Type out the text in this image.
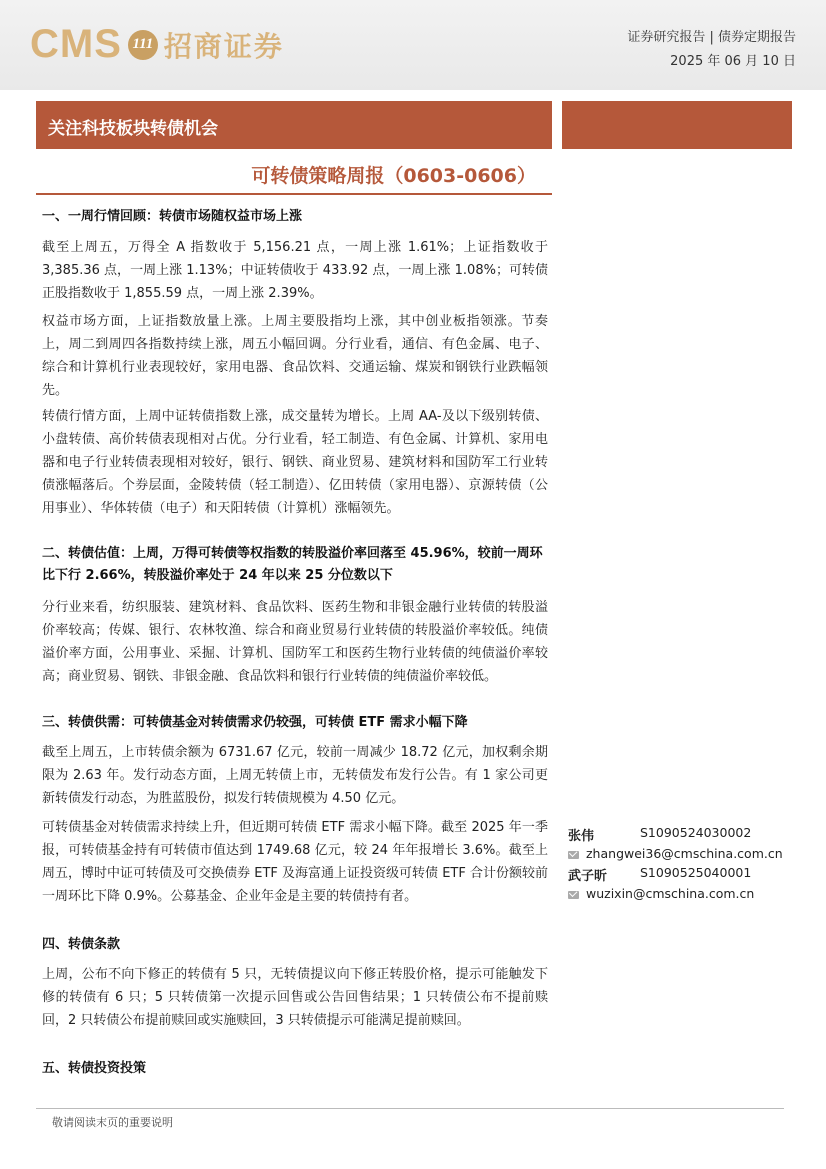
CMS 111 招商证券	证券研究报告 | 债券定期报告
2025 年 06 月 10 日
关注科技板块转债机会
可转债策略周报（0603-0606）
一、一周行情回顾：转债市场随权益市场上涨
截至上周五，万得全 A 指数收于 5,156.21 点，一周上涨 1.61%；上证指数收于 3,385.36 点，一周上涨 1.13%；中证转债收于 433.92 点，一周上涨 1.08%；可转债正股指数收于 1,855.59 点，一周上涨 2.39%。
权益市场方面，上证指数放量上涨。上周主要股指均上涨，其中创业板指领涨。节奏上，周二到周四各指数持续上涨，周五小幅回调。分行业看，通信、有色金属、电子、综合和计算机行业表现较好，家用电器、食品饮料、交通运输、煤炭和钢铁行业跌幅领先。
转债行情方面，上周中证转债指数上涨，成交量转为增长。上周 AA-及以下级别转债、小盘转债、高价转债表现相对占优。分行业看，轻工制造、有色金属、计算机、家用电器和电子行业转债表现相对较好，银行、钢铁、商业贸易、建筑材料和国防军工行业转债涨幅落后。个券层面，金陵转债（轻工制造）、亿田转债（家用电器）、京源转债（公用事业）、华体转债（电子）和天阳转债（计算机）涨幅领先。
二、转债估值：上周，万得可转债等权指数的转股溢价率回落至 45.96%，较前一周环比下行 2.66%，转股溢价率处于 24 年以来 25 分位数以下
分行业来看，纺织服装、建筑材料、食品饮料、医药生物和非银金融行业转债的转股溢价率较高；传媒、银行、农林牧渔、综合和商业贸易行业转债的转股溢价率较低。纯债溢价率方面，公用事业、采掘、计算机、国防军工和医药生物行业转债的纯债溢价率较高；商业贸易、钢铁、非银金融、食品饮料和银行行业转债的纯债溢价率较低。
三、转债供需：可转债基金对转债需求仍较强，可转债 ETF 需求小幅下降
截至上周五，上市转债余额为 6731.67 亿元，较前一周减少 18.72 亿元，加权剩余期限为 2.63 年。发行动态方面，上周无转债上市，无转债发布发行公告。有 1 家公司更新转债发行动态，为胜蓝股份，拟发行转债规模为 4.50 亿元。
可转债基金对转债需求持续上升，但近期可转债 ETF 需求小幅下降。截至 2025 年一季报，可转债基金持有可转债市值达到 1749.68 亿元，较 24 年年报增长 3.6%。截至上周五，博时中证可转债及可交换债券 ETF 及海富通上证投资级可转债 ETF 合计份额较前一周环比下降 0.9%。公募基金、企业年金是主要的转债持有者。
四、转债条款
上周，公布不向下修正的转债有 5 只，无转债提议向下修正转股价格，提示可能触发下修的转债有 6 只；5 只转债第一次提示回售或公告回售结果；1 只转债公布不提前赎回，2 只转债公布提前赎回或实施赎回，3 只转债提示可能满足提前赎回。
五、转债投资投策
张伟	S1090524030002
zhangwei36@cmschina.com.cn
武子昕	S1090525040001
wuzixin@cmschina.com.cn
敬请阅读末页的重要说明
